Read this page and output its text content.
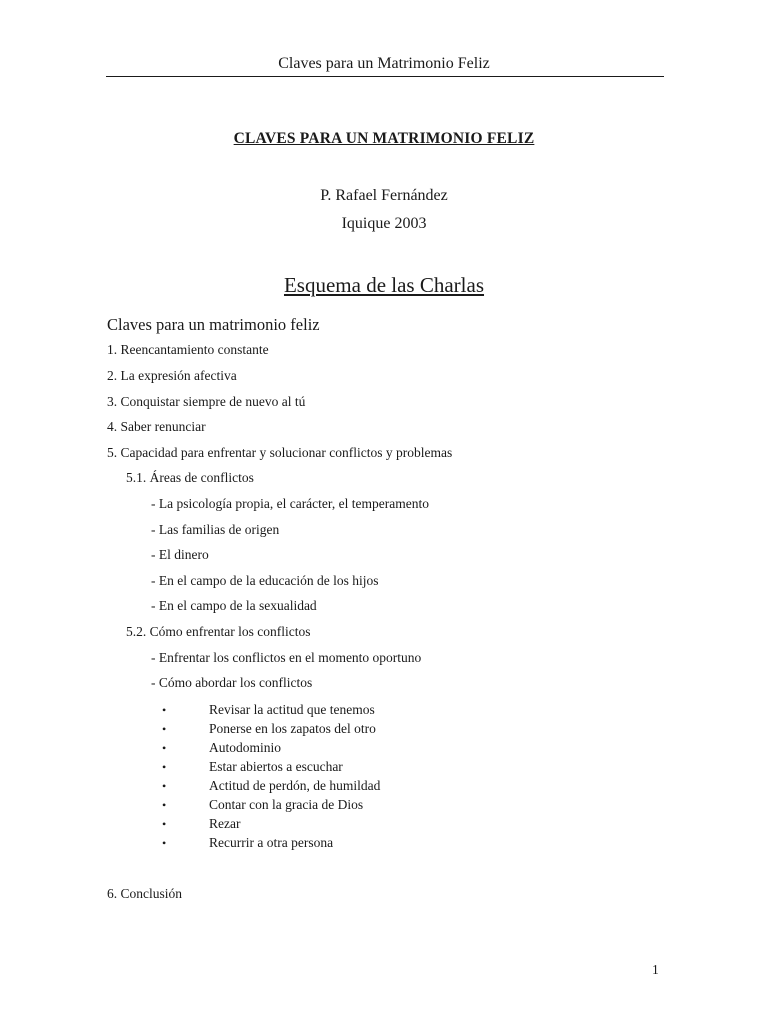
Claves para un Matrimonio Feliz
CLAVES PARA UN MATRIMONIO FELIZ
P. Rafael Fernández
Iquique 2003
Esquema de las Charlas
Claves para un matrimonio feliz
1. Reencantamiento constante
2. La expresión afectiva
3. Conquistar siempre de nuevo al tú
4. Saber renunciar
5. Capacidad para enfrentar y solucionar conflictos y problemas
5.1. Áreas de conflictos
- La psicología propia, el carácter, el temperamento
- Las familias de origen
- El dinero
- En el campo de la educación de los hijos
- En el campo de la sexualidad
5.2. Cómo enfrentar los conflictos
- Enfrentar los conflictos en el momento oportuno
- Cómo abordar los conflictos
•	Revisar la actitud que tenemos
•	Ponerse en los zapatos del otro
•	Autodominio
•	Estar abiertos a escuchar
•	Actitud de perdón, de humildad
•	Contar con la gracia de Dios
•	Rezar
•	Recurrir a otra persona
6. Conclusión
1
